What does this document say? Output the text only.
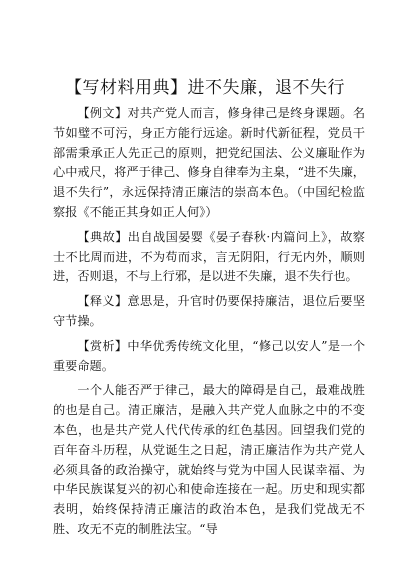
【写材料用典】进不失廉，退不失行

【例文】对共产党人而言，修身律己是终身课题。名节如璧不可污，身正方能行远途。新时代新征程，党员干部需秉承正人先正己的原则，把党纪国法、公义廉耻作为心中戒尺，将严于律己、修身自律奉为主臬，“进不失廉，退不失行”，永远保持清正廉洁的崇高本色。（中国纪检监察报《不能正其身如正人何》）

【典故】出自战国晏婴《晏子春秋·内篇问上》，故察士不比周而进，不为苟而求，言无阴阳，行无内外，顺则进，否则退，不与上行邪，是以进不失廉，退不失行也。

【释义】意思是，升官时仍要保持廉洁，退位后要坚守节操。

【赏析】中华优秀传统文化里，“修己以安人”是一个重要命题。

一个人能否严于律己，最大的障碍是自己，最难战胜的也是自己。清正廉洁，是融入共产党人血脉之中的不变本色，也是共产党人代代传承的红色基因。回望我们党的百年奋斗历程，从党诞生之日起，清正廉洁作为共产党人必须具备的政治操守，就始终与党为中国人民谋幸福、为中华民族谋复兴的初心和使命连接在一起。历史和现实都表明，始终保持清正廉洁的政治本色，是我们党战无不胜、攻无不克的制胜法宝。“导
